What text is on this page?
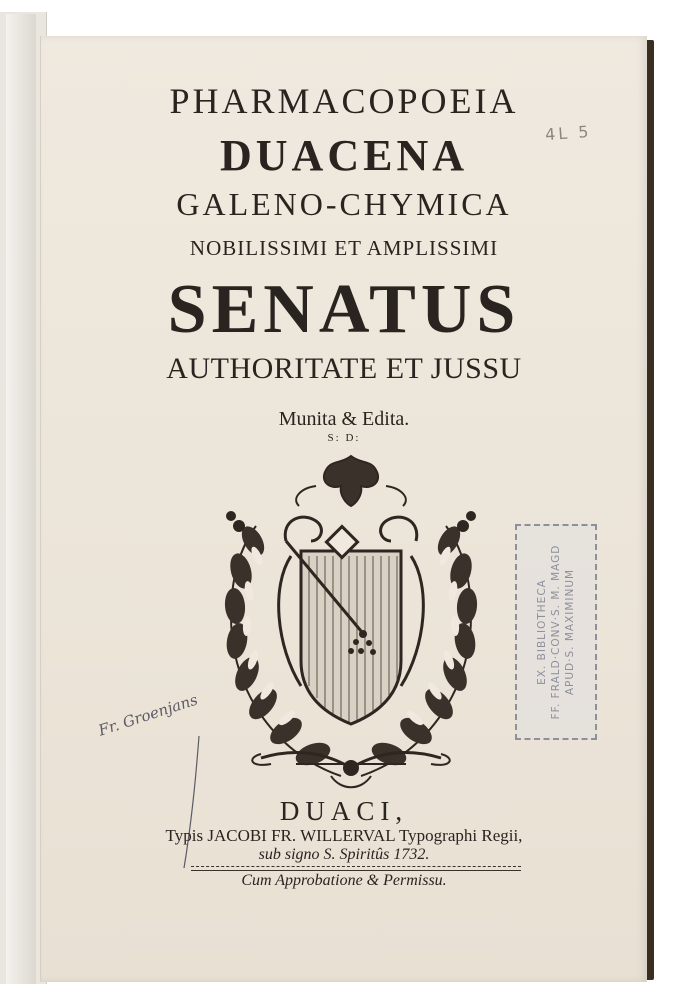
PHARMACOPOEIA
DUACENA
GALENO-CHYMICA
NOBILISSIMI ET AMPLISSIMI
SENATUS
AUTHORITATE ET JUSSU
Munita & Edita.
S: D:
4L 5
EX. BIBLIOTHECA FF. FRALD·CONV·S. M. MAGD APUD·S. MAXIMINUM
Fr. Groenjans
DUACI,
Typis JACOBI FR. WILLERVAL Typographi Regii,
sub signo S. Spiritûs 1732.
Cum Approbatione & Permissu.
